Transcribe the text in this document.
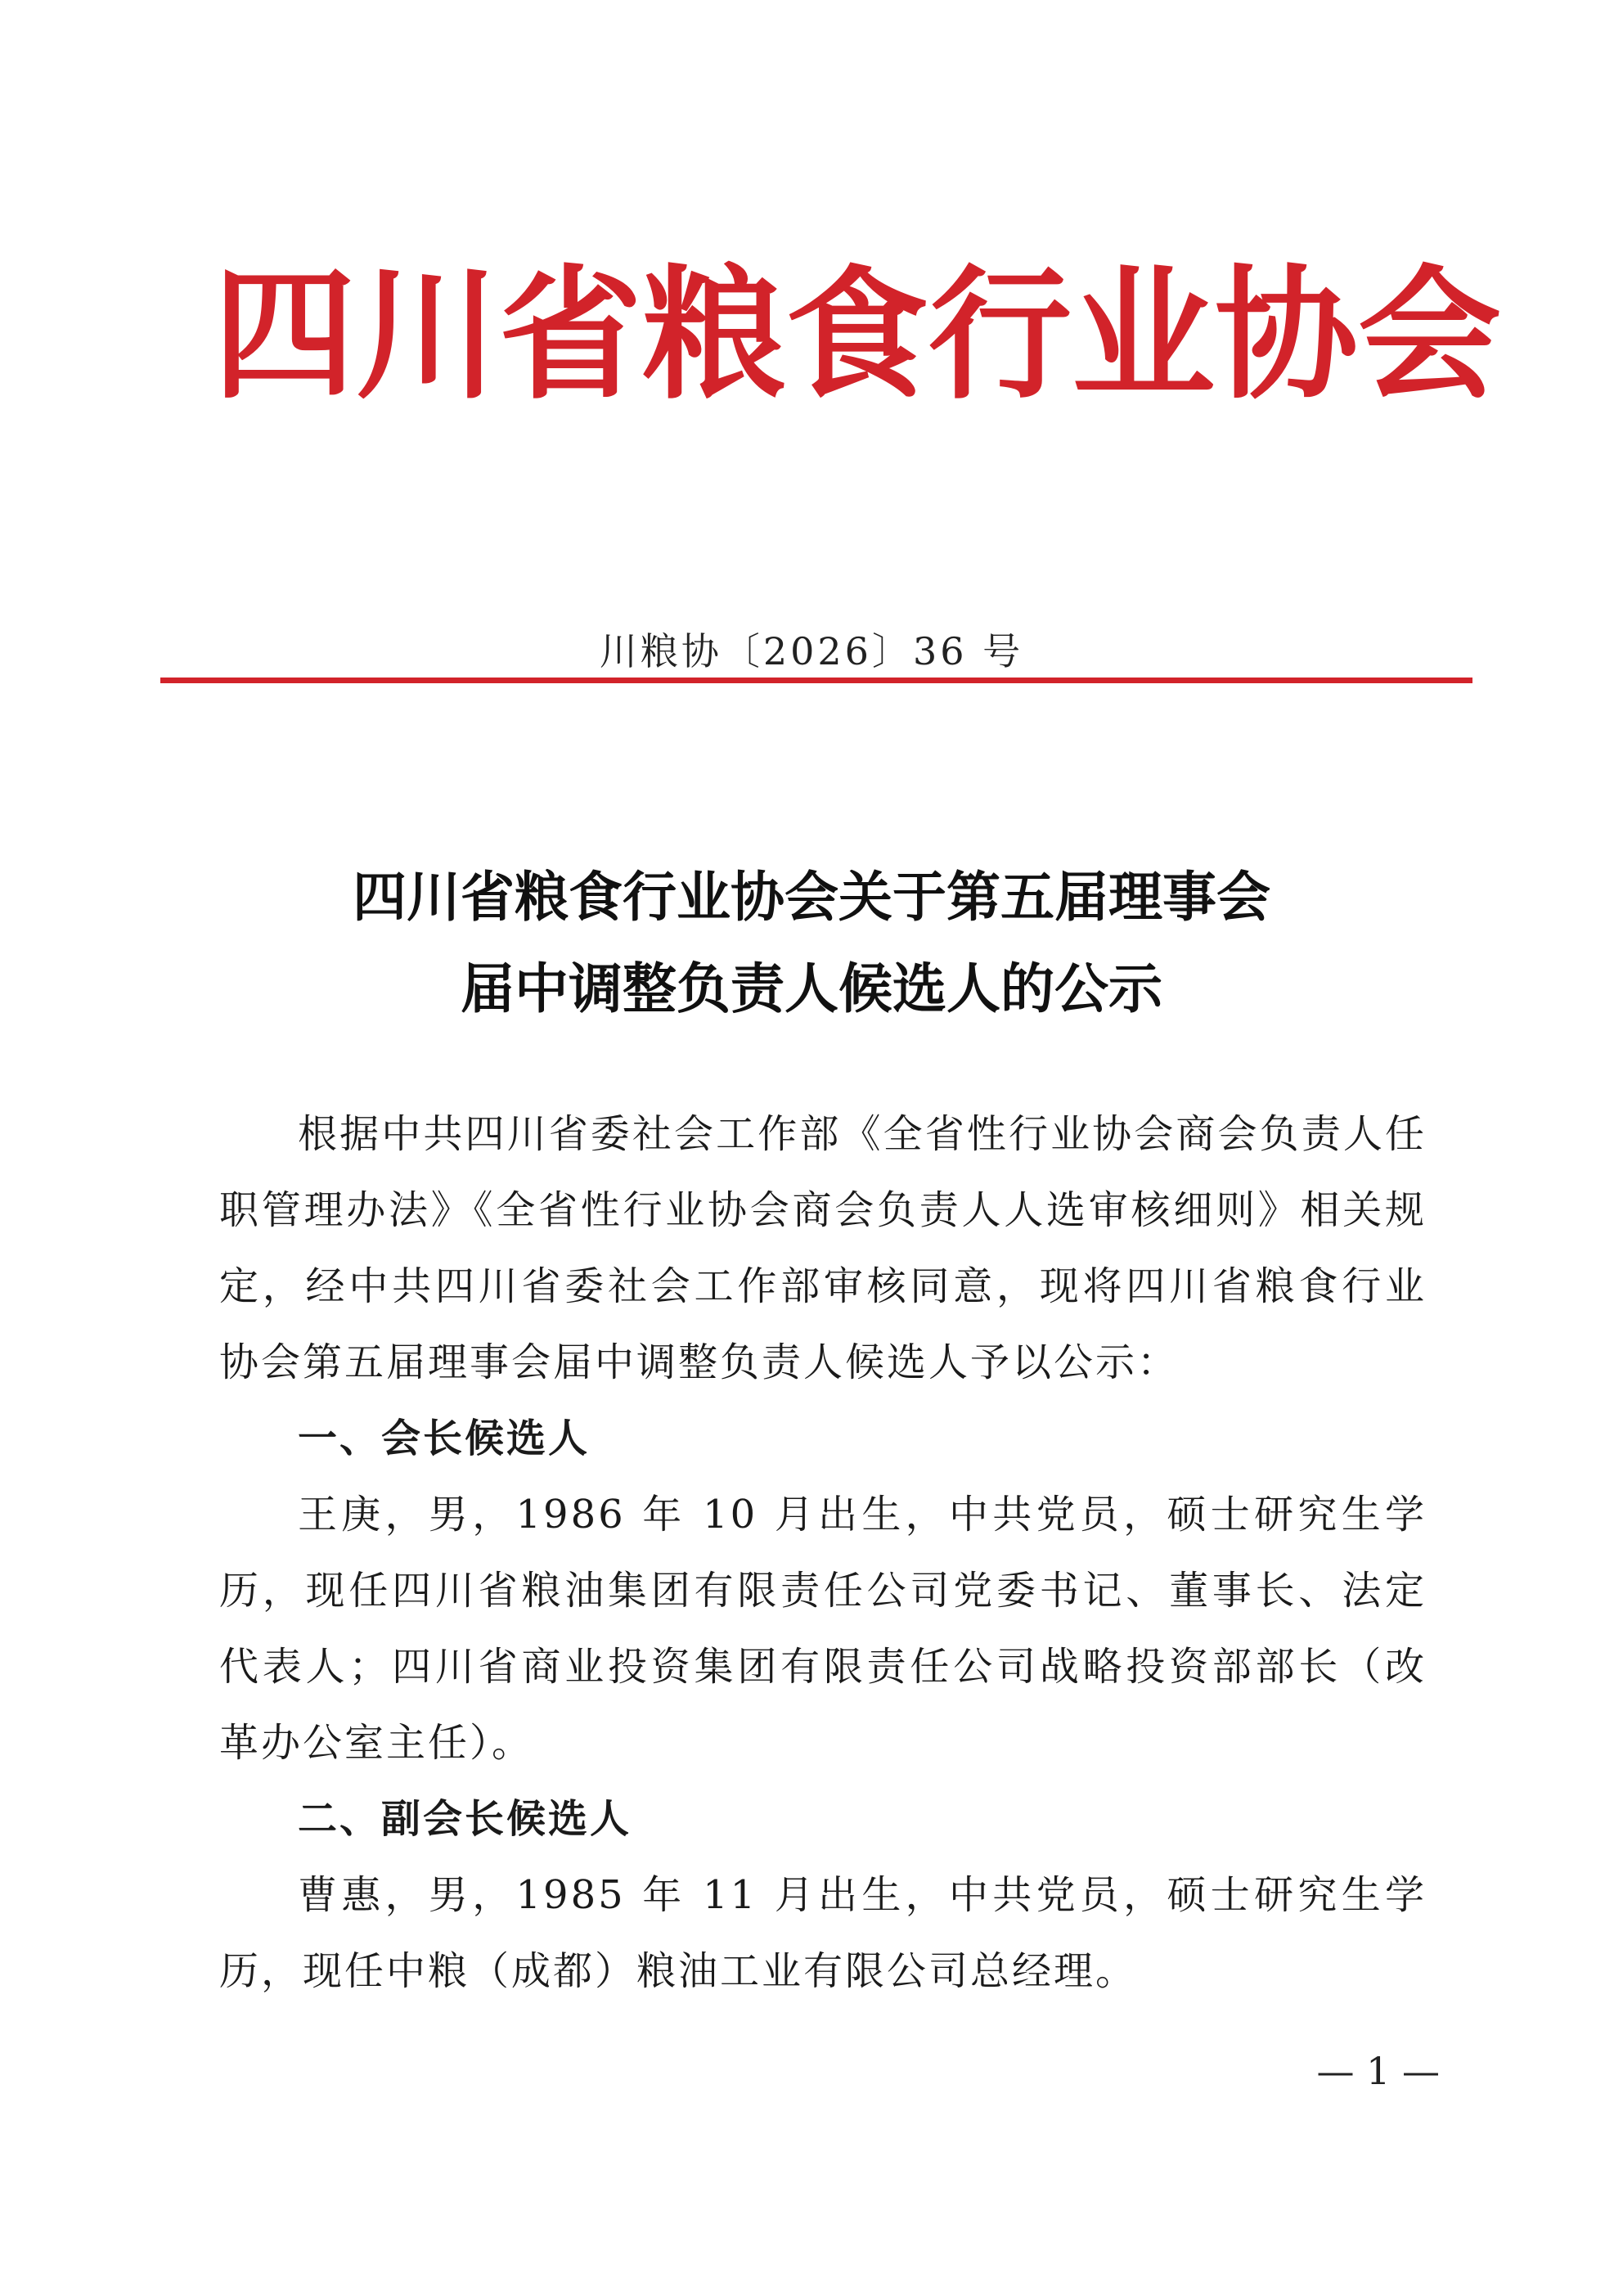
四 川 省 粮 食 行 业 协 会
川粮协〔2026〕36 号
四川省粮食行业协会关于第五届理事会
届中调整负责人候选人的公示

根据中共四川省委社会工作部《全省性行业协会商会负责人任职管理办法》《全省性行业协会商会负责人人选审核细则》相关规定，经中共四川省委社会工作部审核同意，现将四川省粮食行业协会第五届理事会届中调整负责人候选人予以公示：

一、会长候选人

王庚，男，1986 年 10 月出生，中共党员，硕士研究生学历，现任四川省粮油集团有限责任公司党委书记、董事长、法定代表人；四川省商业投资集团有限责任公司战略投资部部长（改革办公室主任）。

二、副会长候选人

曹惠，男，1985 年 11 月出生，中共党员，硕士研究生学历，现任中粮（成都）粮油工业有限公司总经理。

— 1 —
